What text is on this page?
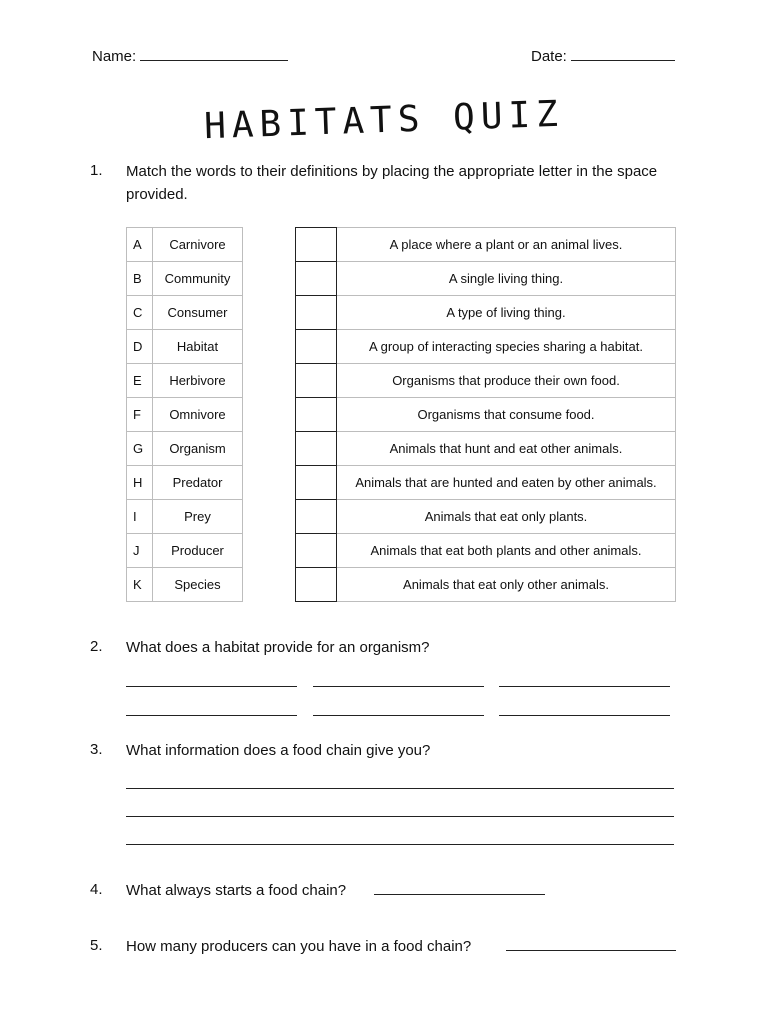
Name:	Date:
HABITATS QUIZ
1. Match the words to their definitions by placing the appropriate letter in the space provided.
A	Carnivore
B	Community
C	Consumer
D	Habitat
E	Herbivore
F	Omnivore
G	Organism
H	Predator
I	Prey
J	Producer
K	Species
	A place where a plant or an animal lives.
	A single living thing.
	A type of living thing.
	A group of interacting species sharing a habitat.
	Organisms that produce their own food.
	Organisms that consume food.
	Animals that hunt and eat other animals.
	Animals that are hunted and eaten by other animals.
	Animals that eat only plants.
	Animals that eat both plants and other animals.
	Animals that eat only other animals.
2. What does a habitat provide for an organism?
3. What information does a food chain give you?
4. What always starts a food chain?
5. How many producers can you have in a food chain?
